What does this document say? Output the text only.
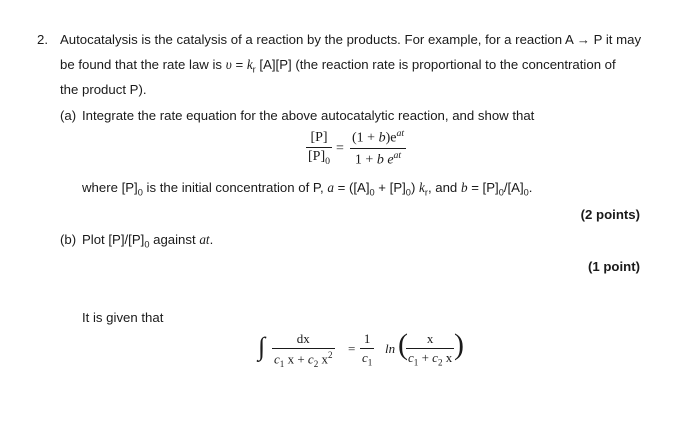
2. Autocatalysis is the catalysis of a reaction by the products. For example, for a reaction A → P it may
be found that the rate law is $\upsilon = k_r$ [A][P] (the reaction rate is proportional to the concentration of
the product P).
(a) Integrate the rate equation for the above autocatalytic reaction, and show that
[P]
$[P]_0$
=
$(1 + b)e^{at}$
1 + b $e^{at}$
where $[P]_0$ is the initial concentration of P, $a = ([A]_0 + [P]_0)$ $k_r$, and $b = [P]_0/[A]_0$.
(2 points)
(b) Plot $[P]/[P]_0$ against at.
(1 point)
It is given that
∫	dx
$c_1$ $x + c_2$ $x^2$ =
1
$c_1$
ln (	x
$c_1 + c_2$ x )
